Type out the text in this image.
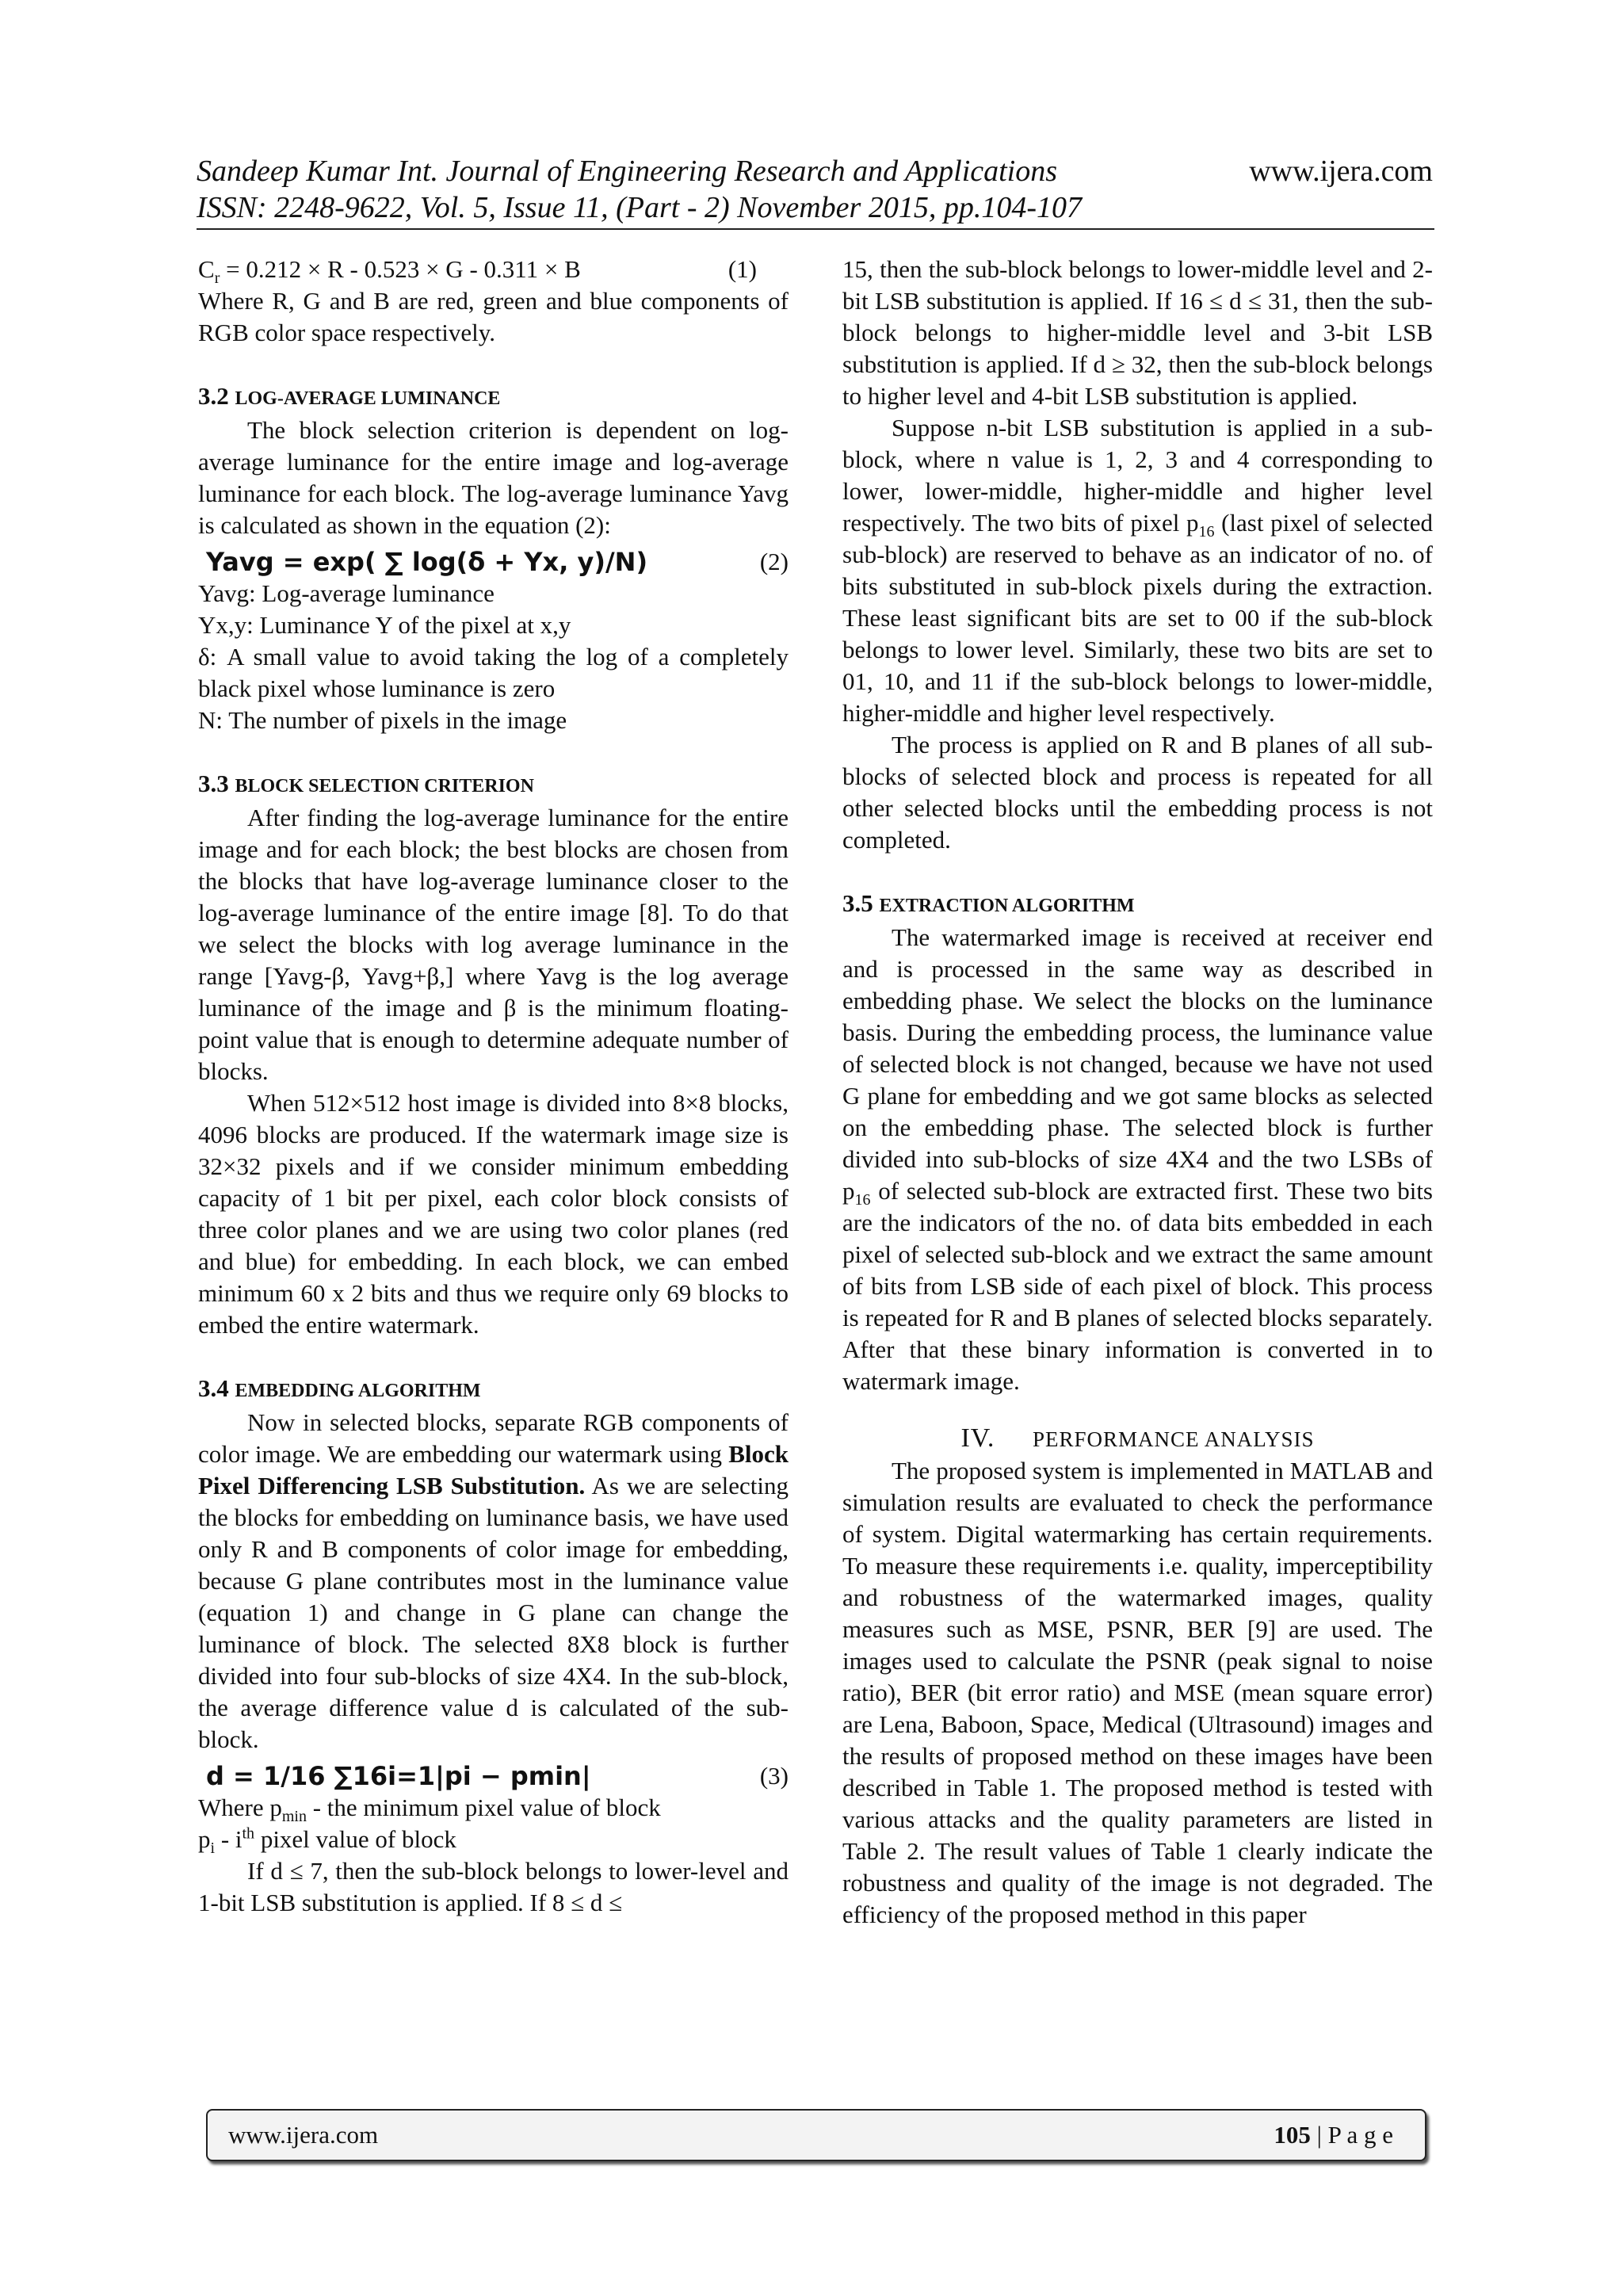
Sandeep Kumar Int. Journal of Engineering Research and Applications	www.ijera.com
ISSN: 2248-9622, Vol. 5, Issue 11, (Part - 2) November 2015, pp.104-107
$C_r = 0.212 \times R - 0.523 \times G - 0.311 \times B$	(1)

Where R, G and B are red, green and blue components of RGB color space respectively.

3.2 LOG-AVERAGE LUMINANCE

The block selection criterion is dependent on log-average luminance for the entire image and log-average luminance for each block. The log-average luminance Yavg is calculated as shown in the equation (2):

Yavg = exp( ∑ log(δ + Yx, y)/N)	(2)

Yavg: Log-average luminance

Yx,y: Luminance Y of the pixel at x,y

δ: A small value to avoid taking the log of a completely black pixel whose luminance is zero

N: The number of pixels in the image

3.3 BLOCK SELECTION CRITERION

After finding the log-average luminance for the entire image and for each block; the best blocks are chosen from the blocks that have log-average luminance closer to the log-average luminance of the entire image [8]. To do that we select the blocks with log average luminance in the range [Yavg-β, Yavg+β,] where Yavg is the log average luminance of the image and β is the minimum floating-point value that is enough to determine adequate number of blocks.

When 512×512 host image is divided into 8×8 blocks, 4096 blocks are produced. If the watermark image size is 32×32 pixels and if we consider minimum embedding capacity of 1 bit per pixel, each color block consists of three color planes and we are using two color planes (red and blue) for embedding. In each block, we can embed minimum 60 x 2 bits and thus we require only 69 blocks to embed the entire watermark.

3.4 EMBEDDING ALGORITHM

Now in selected blocks, separate RGB components of color image. We are embedding our watermark using Block Pixel Differencing LSB Substitution. As we are selecting the blocks for embedding on luminance basis, we have used only R and B components of color image for embedding, because G plane contributes most in the luminance value (equation 1) and change in G plane can change the luminance of block. The selected 8X8 block is further divided into four sub-blocks of size 4X4. In the sub-block, the average difference value d is calculated of the sub-block.

d = 1/16 ∑16i=1|pi − pmin|	(3)

Where $p_{min}$ - the minimum pixel value of block

$p_i - i^{th}$ pixel value of block

If d ≤ 7, then the sub-block belongs to lower-level and 1-bit LSB substitution is applied. If 8 ≤ d ≤

15, then the sub-block belongs to lower-middle level and 2-bit LSB substitution is applied. If 16 ≤ d ≤ 31, then the sub-block belongs to higher-middle level and 3-bit LSB substitution is applied. If d ≥ 32, then the sub-block belongs to higher level and 4-bit LSB substitution is applied.

Suppose n-bit LSB substitution is applied in a sub-block, where n value is 1, 2, 3 and 4 corresponding to lower, lower-middle, higher-middle and higher level respectively. The two bits of pixel $p_{16}$ (last pixel of selected sub-block) are reserved to behave as an indicator of no. of bits substituted in sub-block pixels during the extraction. These least significant bits are set to 00 if the sub-block belongs to lower level. Similarly, these two bits are set to 01, 10, and 11 if the sub-block belongs to lower-middle, higher-middle and higher level respectively.

The process is applied on R and B planes of all sub-blocks of selected block and process is repeated for all other selected blocks until the embedding process is not completed.

3.5 EXTRACTION ALGORITHM

The watermarked image is received at receiver end and is processed in the same way as described in embedding phase. We select the blocks on the luminance basis. During the embedding process, the luminance value of selected block is not changed, because we have not used G plane for embedding and we got same blocks as selected on the embedding phase. The selected block is further divided into sub-blocks of size 4X4 and the two LSBs of $p_{16}$ of selected sub-block are extracted first. These two bits are the indicators of the no. of data bits embedded in each pixel of selected sub-block and we extract the same amount of bits from LSB side of each pixel of block. This process is repeated for R and B planes of selected blocks separately. After that these binary information is converted in to watermark image.

IV. PERFORMANCE ANALYSIS

The proposed system is implemented in MATLAB and simulation results are evaluated to check the performance of system. Digital watermarking has certain requirements. To measure these requirements i.e. quality, imperceptibility and robustness of the watermarked images, quality measures such as MSE, PSNR, BER [9] are used. The images used to calculate the PSNR (peak signal to noise ratio), BER (bit error ratio) and MSE (mean square error) are Lena, Baboon, Space, Medical (Ultrasound) images and the results of proposed method on these images have been described in Table 1. The proposed method is tested with various attacks and the quality parameters are listed in Table 2. The result values of Table 1 clearly indicate the robustness and quality of the image is not degraded. The efficiency of the proposed method in this paper

www.ijera.com	105 | P a g e
